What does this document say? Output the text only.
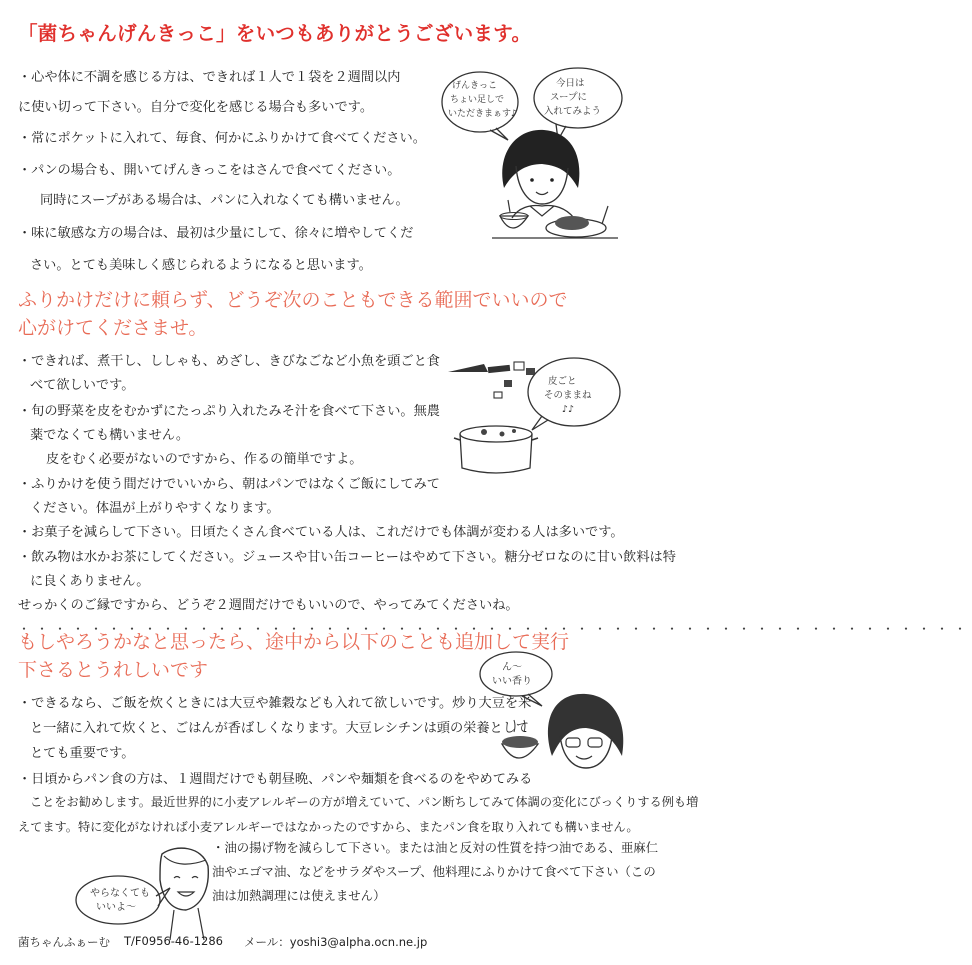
「菌ちゃんげんきっこ」をいつもありがとうございます。
・心や体に不調を感じる方は、できれば１人で１袋を２週間以内
に使い切って下さい。自分で変化を感じる場合も多いです。
・常にポケットに入れて、毎食、何かにふりかけて食べてください。
・パンの場合も、開いてげんきっこをはさんで食べてください。
同時にスープがある場合は、パンに入れなくても構いません。
・味に敏感な方の場合は、最初は少量にして、徐々に増やしてくだ
さい。とても美味しく感じられるようになると思います。
げんきっこ
ちょい足しで
いただきまぁす♪
今日は
スープに
入れてみよう
ふりかけだけに頼らず、どうぞ次のこともできる範囲でいいので
心がけてくださませ。
・できれば、煮干し、ししゃも、めざし、きびなごなど小魚を頭ごと食
べて欲しいです。
・旬の野菜を皮をむかずにたっぷり入れたみそ汁を食べて下さい。無農
薬でなくても構いません。
皮をむく必要がないのですから、作るの簡単ですよ。
・ふりかけを使う間だけでいいから、朝はパンではなくご飯にしてみて
ください。体温が上がりやすくなります。
・お菓子を減らして下さい。日頃たくさん食べている人は、これだけでも体調が変わる人は多いです。
・飲み物は水かお茶にしてください。ジュースや甘い缶コーヒーはやめて下さい。糖分ゼロなのに甘い飲料は特
に良くありません。
せっかくのご縁ですから、どうぞ２週間だけでもいいので、やってみてくださいね。
皮ごと
そのままね
♪♪
・・・・・・・・・・・・・・・・・・・・・・・・・・・・・・・・・・・・・・・・・・・・・・・・・・・・・
もしやろうかなと思ったら、途中から以下のことも追加して実行
下さるとうれしいです
・できるなら、ご飯を炊くときには大豆や雑穀なども入れて欲しいです。炒り大豆を米
と一緒に入れて炊くと、ごはんが香ばしくなります。大豆レシチンは頭の栄養として
とても重要です。
・日頃からパン食の方は、１週間だけでも朝昼晩、パンや麺類を食べるのをやめてみる
ことをお勧めします。最近世界的に小麦アレルギーの方が増えていて、パン断ちしてみて体調の変化にびっくりする例も増
えてます。特に変化がなければ小麦アレルギーではなかったのですから、またパン食を取り入れても構いません。
・油の揚げ物を減らして下さい。または油と反対の性質を持つ油である、亜麻仁
油やエゴマ油、などをサラダやスープ、他料理にふりかけて食べて下さい（この
油は加熱調理には使えません）
ん～
いい香り
やらなくても
いいよ～
菌ちゃんふぁーむ T/F0956-46-1286 メール：yoshi3@alpha.ocn.ne.jp
